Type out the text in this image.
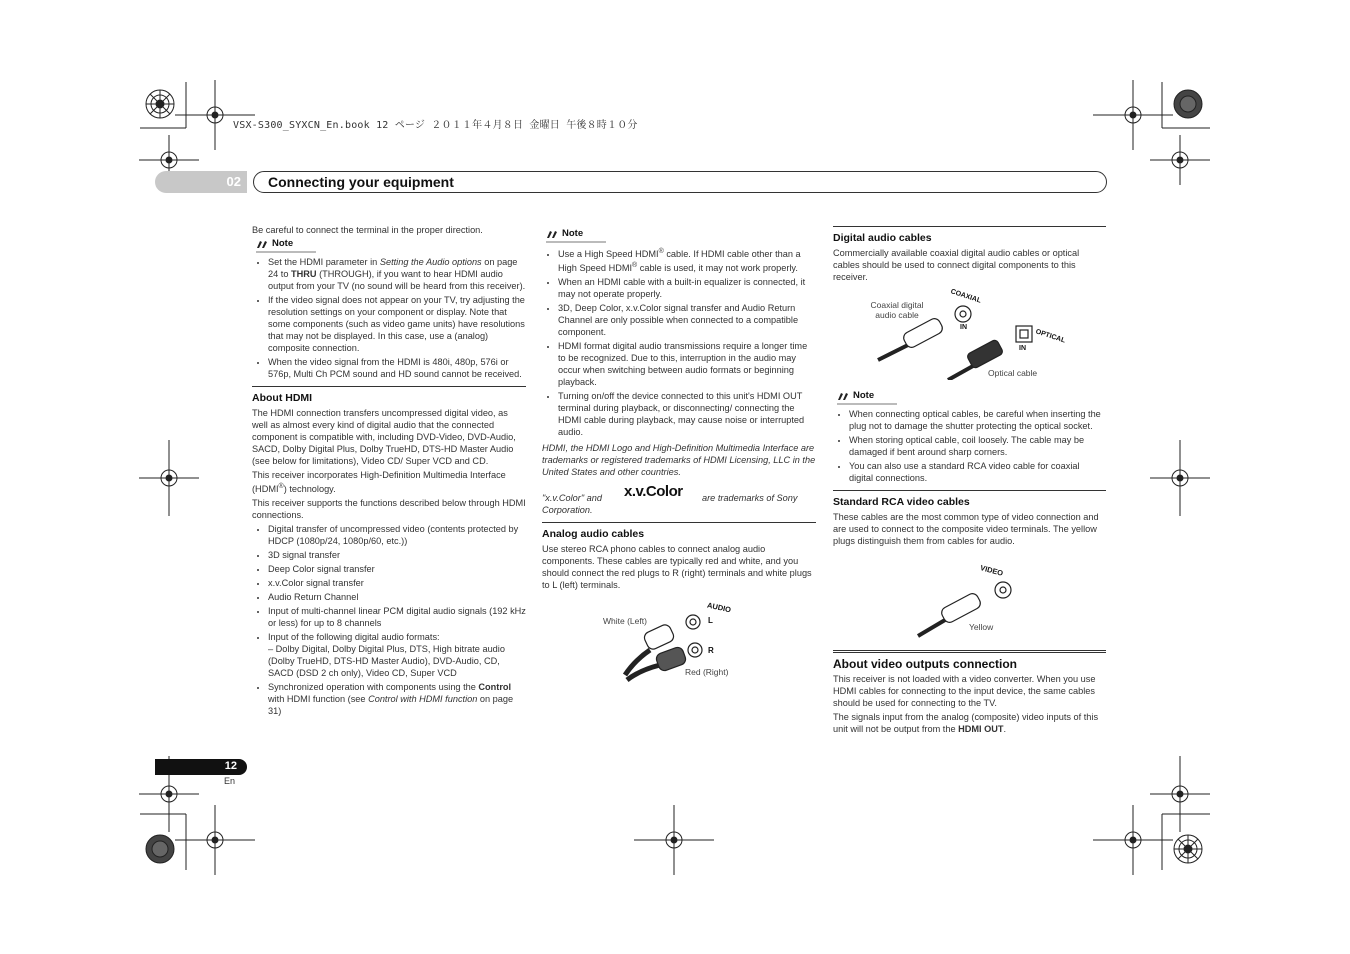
VSX-S300_SYXCN_En.book 12 ページ ２０１１年４月８日 金曜日 午後８時１０分
02 Connecting your equipment

Be careful to connect the terminal in the proper direction.

Note
• Set the HDMI parameter in Setting the Audio options on page 24 to THRU (THROUGH), if you want to hear HDMI audio output from your TV (no sound will be heard from this receiver).
• If the video signal does not appear on your TV, try adjusting the resolution settings on your component or display. Note that some components (such as video game units) have resolutions that may not be displayed. In this case, use a (analog) composite connection.
• When the video signal from the HDMI is 480i, 480p, 576i or 576p, Multi Ch PCM sound and HD sound cannot be received.
About HDMI

The HDMI connection transfers uncompressed digital video, as well as almost every kind of digital audio that the connected component is compatible with, including DVD-Video, DVD-Audio, SACD, Dolby Digital Plus, Dolby TrueHD, DTS-HD Master Audio (see below for limitations), Video CD/ Super VCD and CD.

This receiver incorporates High-Definition Multimedia Interface (HDMI®) technology.

This receiver supports the functions described below through HDMI connections.

• Digital transfer of uncompressed video (contents protected by HDCP (1080p/24, 1080p/60, etc.))
• 3D signal transfer
• Deep Color signal transfer
• x.v.Color signal transfer
• Audio Return Channel
• Input of multi-channel linear PCM digital audio signals (192 kHz or less) for up to 8 channels
• Input of the following digital audio formats:
– Dolby Digital, Dolby Digital Plus, DTS, High bitrate audio (Dolby TrueHD, DTS-HD Master Audio), DVD-Audio, CD, SACD (DSD 2 ch only), Video CD, Super VCD
• Synchronized operation with components using the Control with HDMI function (see Control with HDMI function on page 31)
Note
• Use a High Speed HDMI® cable. If HDMI cable other than a High Speed HDMI® cable is used, it may not work properly.
• When an HDMI cable with a built-in equalizer is connected, it may not operate properly.
• 3D, Deep Color, x.v.Color signal transfer and Audio Return Channel are only possible when connected to a compatible component.
• HDMI format digital audio transmissions require a longer time to be recognized. Due to this, interruption in the audio may occur when switching between audio formats or beginning playback.
• Turning on/off the device connected to this unit's HDMI OUT terminal during playback, or disconnecting/ connecting the HDMI cable during playback, may cause noise or interrupted audio.

HDMI, the HDMI Logo and High-Definition Multimedia Interface are trademarks or registered trademarks of HDMI Licensing, LLC in the United States and other countries.

"x.v.Color" and x.v.Color are trademarks of Sony
Corporation.
Analog audio cables

Use stereo RCA phono cables to connect analog audio components. These cables are typically red and white, and you should connect the red plugs to R (right) terminals and white plugs to L (left) terminals.

White (Left)
Red (Right)
AUDIO
L
R
Digital audio cables

Commercially available coaxial digital audio cables or optical cables should be used to connect digital components to this receiver.

Coaxial digital audio cable
COAXIAL
IN
OPTICAL
IN
Optical cable
Note
• When connecting optical cables, be careful when inserting the plug not to damage the shutter protecting the optical socket.
• When storing optical cable, coil loosely. The cable may be damaged if bent around sharp corners.
• You can also use a standard RCA video cable for coaxial digital connections.
Standard RCA video cables

These cables are the most common type of video connection and are used to connect to the composite video terminals. The yellow plugs distinguish them from cables for audio.

VIDEO
Yellow
About video outputs connection

This receiver is not loaded with a video converter. When you use HDMI cables for connecting to the input device, the same cables should be used for connecting to the TV.

The signals input from the analog (composite) video inputs of this unit will not be output from the HDMI OUT.

12
En
